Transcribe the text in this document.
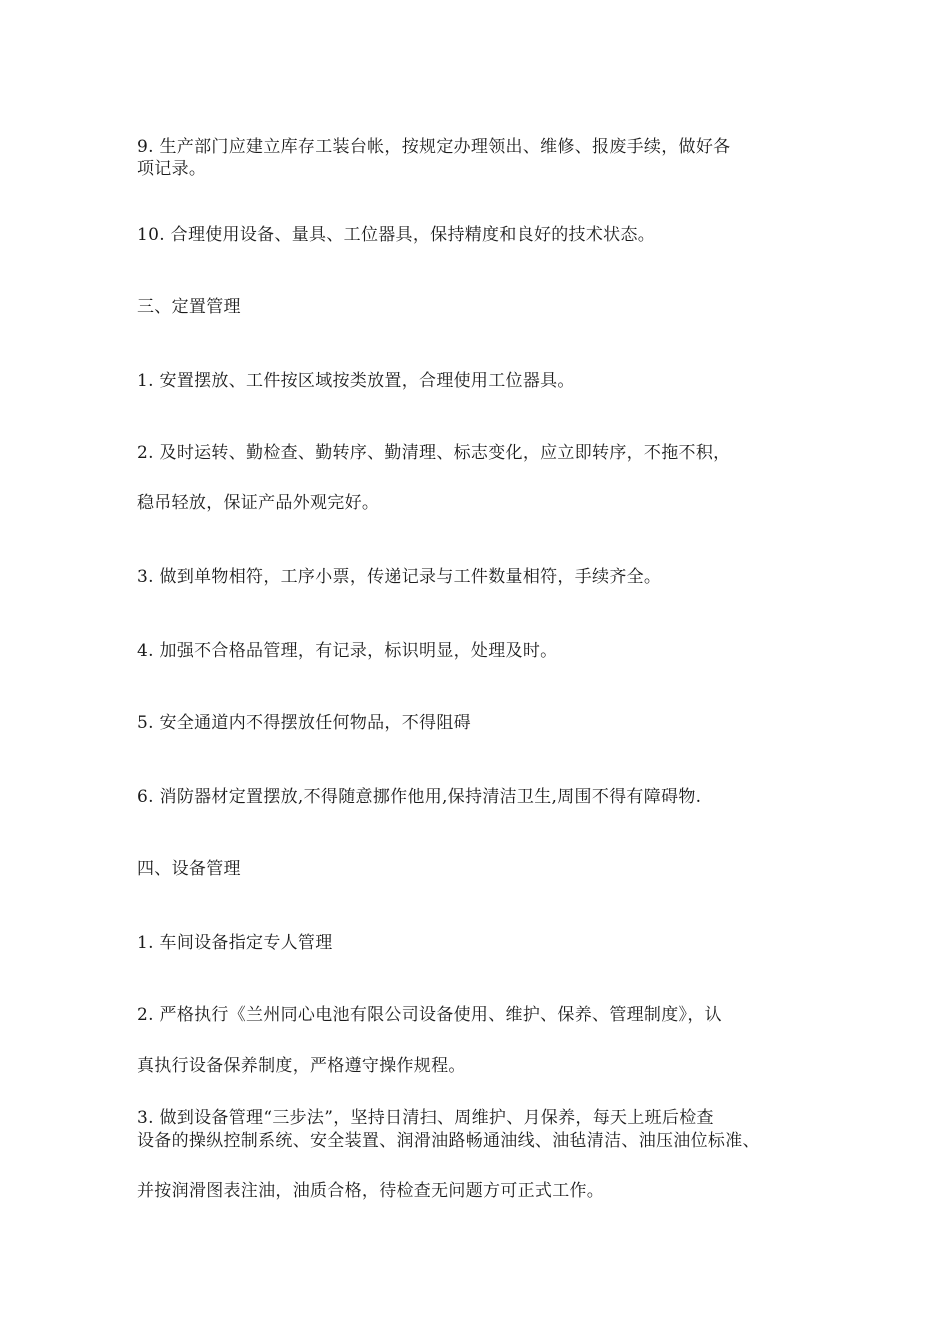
9. 生产部门应建立库存工装台帐，按规定办理领出、维修、报废手续，做好各
项记录。
10. 合理使用设备、量具、工位器具，保持精度和良好的技术状态。
三、定置管理
1. 安置摆放、工件按区域按类放置，合理使用工位器具。
2. 及时运转、勤检查、勤转序、勤清理、标志变化，应立即转序，不拖不积，
稳吊轻放，保证产品外观完好。
3. 做到单物相符，工序小票，传递记录与工件数量相符，手续齐全。
4. 加强不合格品管理，有记录，标识明显，处理及时。
5. 安全通道内不得摆放任何物品，不得阻碍
6. 消防器材定置摆放,不得随意挪作他用,保持清洁卫生,周围不得有障碍物.
四、设备管理
1. 车间设备指定专人管理
2. 严格执行《兰州同心电池有限公司设备使用、维护、保养、管理制度》，认
真执行设备保养制度，严格遵守操作规程。
3. 做到设备管理“三步法”，坚持日清扫、周维护、月保养，每天上班后检查
设备的操纵控制系统、安全装置、润滑油路畅通油线、油毡清洁、油压油位标准、
并按润滑图表注油，油质合格，待检查无问题方可正式工作。
